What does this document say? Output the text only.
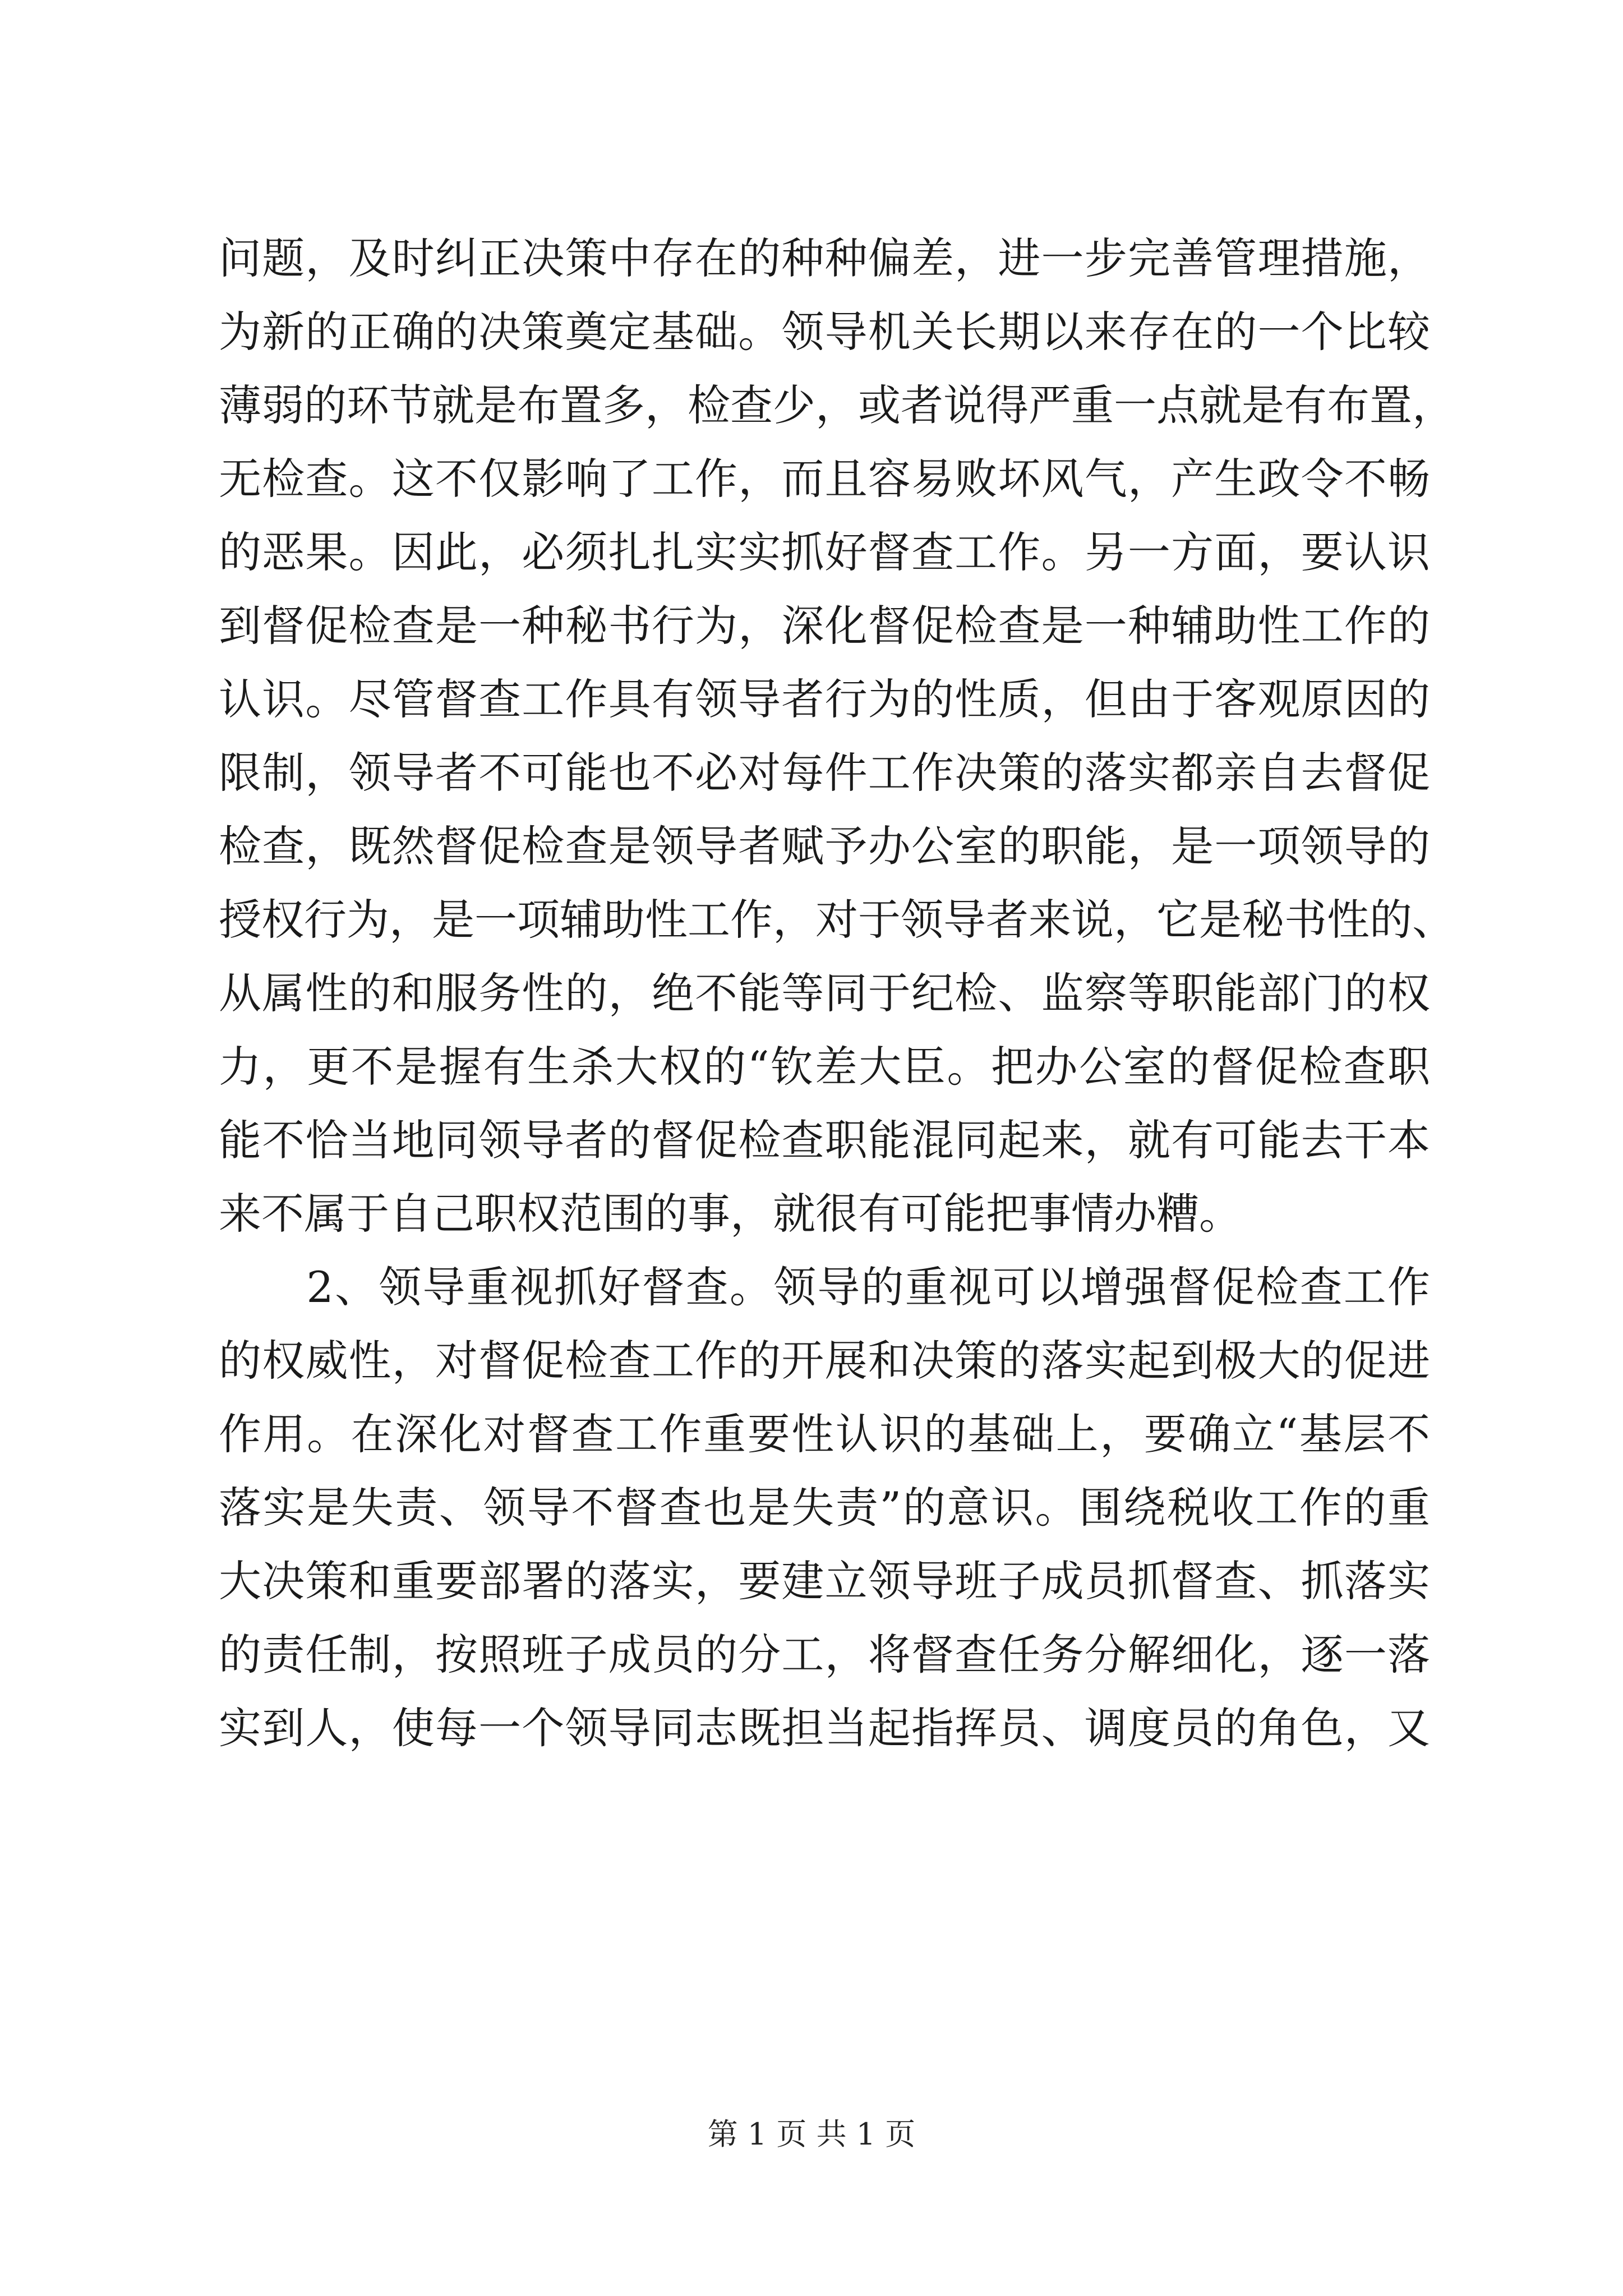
问题，及时纠正决策中存在的种种偏差，进一步完善管理措施，
为新的正确的决策奠定基础。领导机关长期以来存在的一个比较
薄弱的环节就是布置多，检查少，或者说得严重一点就是有布置，
无检查。这不仅影响了工作，而且容易败坏风气，产生政令不畅
的恶果。因此，必须扎扎实实抓好督查工作。另一方面，要认识
到督促检查是一种秘书行为，深化督促检查是一种辅助性工作的
认识。尽管督查工作具有领导者行为的性质，但由于客观原因的
限制，领导者不可能也不必对每件工作决策的落实都亲自去督促
检查，既然督促检查是领导者赋予办公室的职能，是一项领导的
授权行为，是一项辅助性工作，对于领导者来说，它是秘书性的、
从属性的和服务性的，绝不能等同于纪检、监察等职能部门的权
力，更不是握有生杀大权的“钦差大臣。把办公室的督促检查职
能不恰当地同领导者的督促检查职能混同起来，就有可能去干本
来不属于自己职权范围的事，就很有可能把事情办糟。
　　2、领导重视抓好督查。领导的重视可以增强督促检查工作
的权威性，对督促检查工作的开展和决策的落实起到极大的促进
作用。在深化对督查工作重要性认识的基础上，要确立“基层不
落实是失责、领导不督查也是失责”的意识。围绕税收工作的重
大决策和重要部署的落实，要建立领导班子成员抓督查、抓落实
的责任制，按照班子成员的分工，将督查任务分解细化，逐一落
实到人，使每一个领导同志既担当起指挥员、调度员的角色，又
第 1 页 共 1 页
